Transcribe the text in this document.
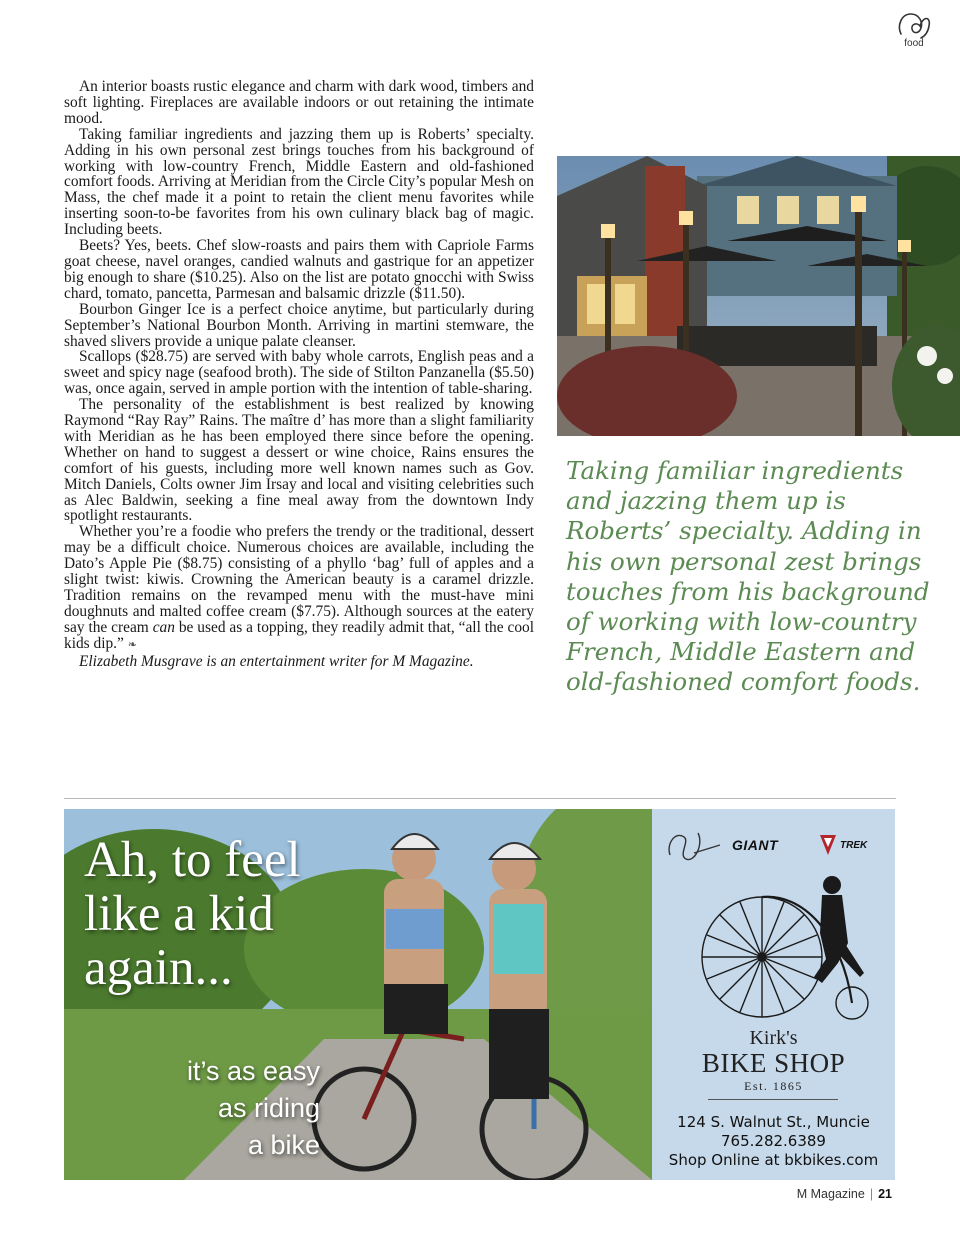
food

An interior boasts rustic elegance and charm with dark wood, timbers and soft lighting. Fireplaces are available indoors or out retaining the intimate mood.

Taking familiar ingredients and jazzing them up is Roberts’ specialty. Adding in his own personal zest brings touches from his background of working with low-country French, Middle Eastern and old-fashioned comfort foods. Arriving at Meridian from the Circle City’s popular Mesh on Mass, the chef made it a point to retain the client menu favorites while inserting soon-to-be favorites from his own culinary black bag of magic. Including beets.

Beets? Yes, beets. Chef slow-roasts and pairs them with Capriole Farms goat cheese, navel oranges, candied walnuts and gastrique for an appetizer big enough to share ($10.25). Also on the list are potato gnocchi with Swiss chard, tomato, pancetta, Parmesan and balsamic drizzle ($11.50).

Bourbon Ginger Ice is a perfect choice anytime, but particularly during September’s National Bourbon Month. Arriving in martini stemware, the shaved slivers provide a unique palate cleanser.

Scallops ($28.75) are served with baby whole carrots, English peas and a sweet and spicy nage (seafood broth). The side of Stilton Panzanella ($5.50) was, once again, served in ample portion with the intention of table-sharing.

The personality of the establishment is best realized by knowing Raymond “Ray Ray” Rains. The maître d’ has more than a slight familiarity with Meridian as he has been employed there since before the opening. Whether on hand to suggest a dessert or wine choice, Rains ensures the comfort of his guests, including more well known names such as Gov. Mitch Daniels, Colts owner Jim Irsay and local and visiting celebrities such as Alec Baldwin, seeking a fine meal away from the downtown Indy spotlight restaurants.

Whether you’re a foodie who prefers the trendy or the traditional, dessert may be a difficult choice. Numerous choices are available, including the Dato’s Apple Pie ($8.75) consisting of a phyllo ‘bag’ full of apples and a slight twist: kiwis. Crowning the American beauty is a caramel drizzle. Tradition remains on the revamped menu with the must-have mini doughnuts and malted coffee cream ($7.75). Although sources at the eatery say the cream can be used as a topping, they readily admit that, “all the cool kids dip.” ❧

Elizabeth Musgrave is an entertainment writer for M Magazine.

Taking familiar ingredients and jazzing them up is Roberts’ specialty. Adding in his own personal zest brings touches from his background of working with low-country French, Middle Eastern and old-fashioned comfort foods.
Ah, to feel
like a kid
again...
it’s as easy
as riding
a bike
GIANT	TREK
Kirk's
BIKE SHOP
Est. 1865
124 S. Walnut St., Muncie
765.282.6389
Shop Online at bkbikes.com
M Magazine | 21
